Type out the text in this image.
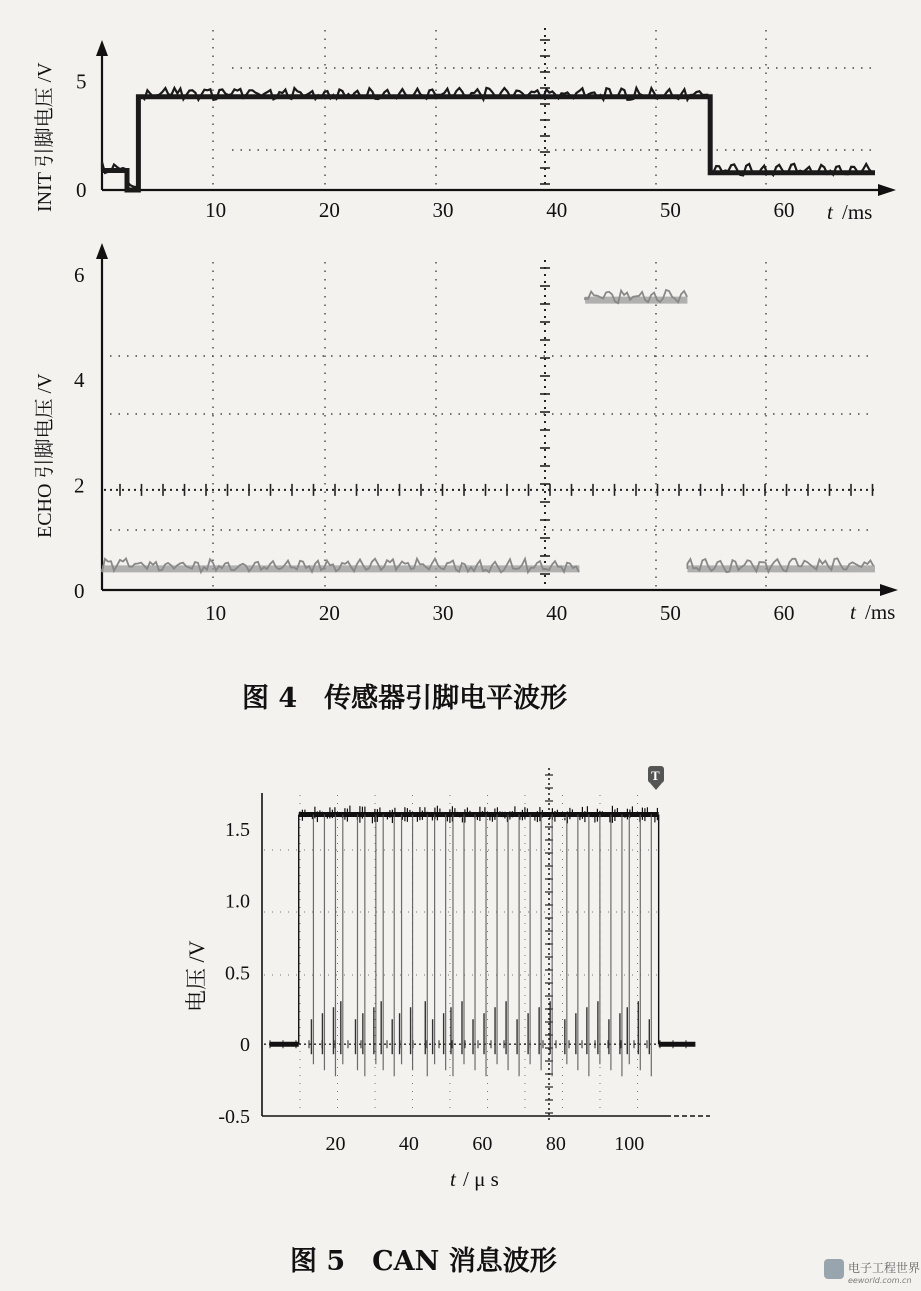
0
5
10	20	30	40	50	60 t /ms
INIT 引脚电压 /V
0
2
4
6
10	20	30	40	50	60	t /ms
ECHO 引脚电压 /V
图 4　传感器引脚电平波形
-0.5
0
0.5
1.0
1.5
20	40	60	80 100
T
t / μ s
电压 /V
图 5　CAN 消息波形	电子工程世界
eeworld.com.cn
